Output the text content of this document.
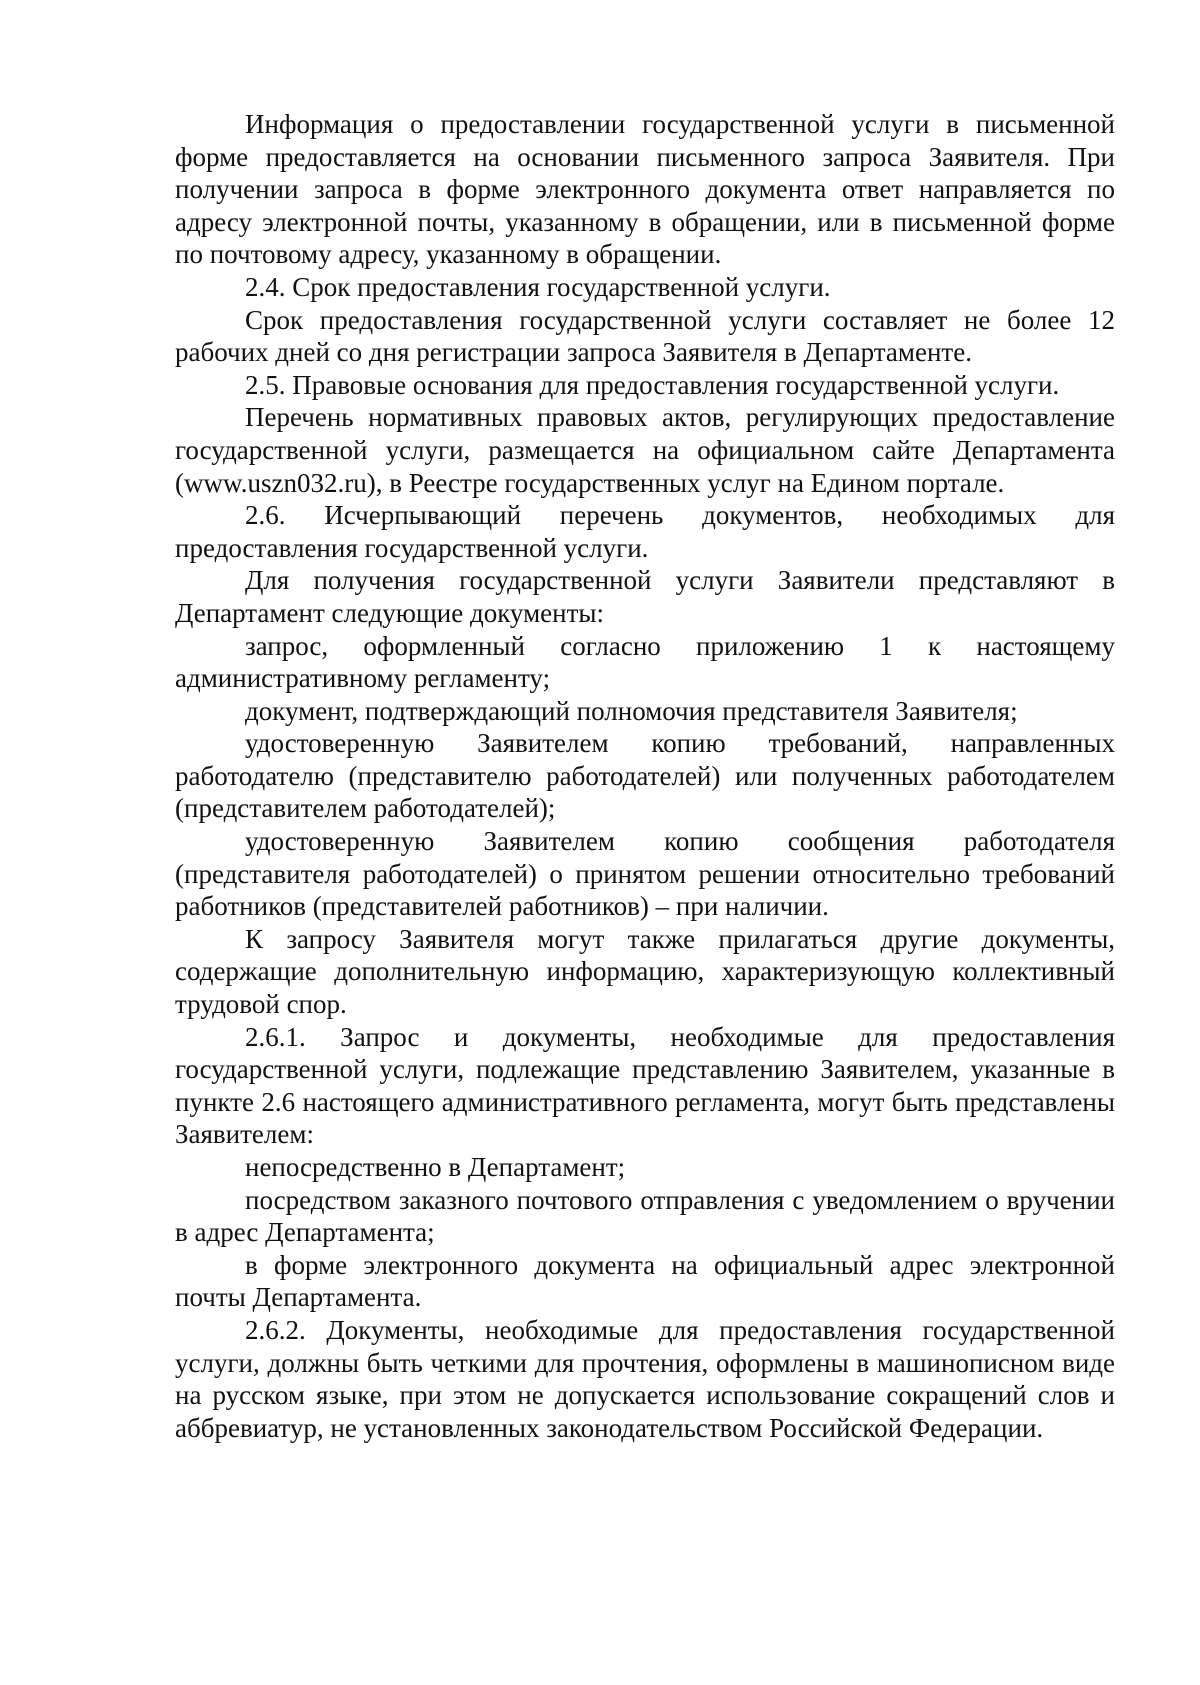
Информация о предоставлении государственной услуги в письменной форме предоставляется на основании письменного запроса Заявителя. При получении запроса в форме электронного документа ответ направляется по адресу электронной почты, указанному в обращении, или в письменной форме по почтовому адресу, указанному в обращении.

2.4. Срок предоставления государственной услуги.

Срок предоставления государственной услуги составляет не более 12 рабочих дней со дня регистрации запроса Заявителя в Департаменте.

2.5. Правовые основания для предоставления государственной услуги.

Перечень нормативных правовых актов, регулирующих предоставление государственной услуги, размещается на официальном сайте Департамента (www.uszn032.ru), в Реестре государственных услуг на Едином портале.

2.6. Исчерпывающий перечень документов, необходимых для предоставления государственной услуги.

Для получения государственной услуги Заявители представляют в Департамент следующие документы:

запрос, оформленный согласно приложению 1 к настоящему административному регламенту;

документ, подтверждающий полномочия представителя Заявителя;

удостоверенную Заявителем копию требований, направленных работодателю (представителю работодателей) или полученных работодателем (представителем работодателей);

удостоверенную Заявителем копию сообщения работодателя (представителя работодателей) о принятом решении относительно требований работников (представителей работников) – при наличии.

К запросу Заявителя могут также прилагаться другие документы, содержащие дополнительную информацию, характеризующую коллективный трудовой спор.

2.6.1. Запрос и документы, необходимые для предоставления государственной услуги, подлежащие представлению Заявителем, указанные в пункте 2.6 настоящего административного регламента, могут быть представлены Заявителем:

непосредственно в Департамент;

посредством заказного почтового отправления с уведомлением о вручении в адрес Департамента;

в форме электронного документа на официальный адрес электронной почты Департамента.

2.6.2. Документы, необходимые для предоставления государственной услуги, должны быть четкими для прочтения, оформлены в машинописном виде на русском языке, при этом не допускается использование сокращений слов и аббревиатур, не установленных законодательством Российской Федерации.
